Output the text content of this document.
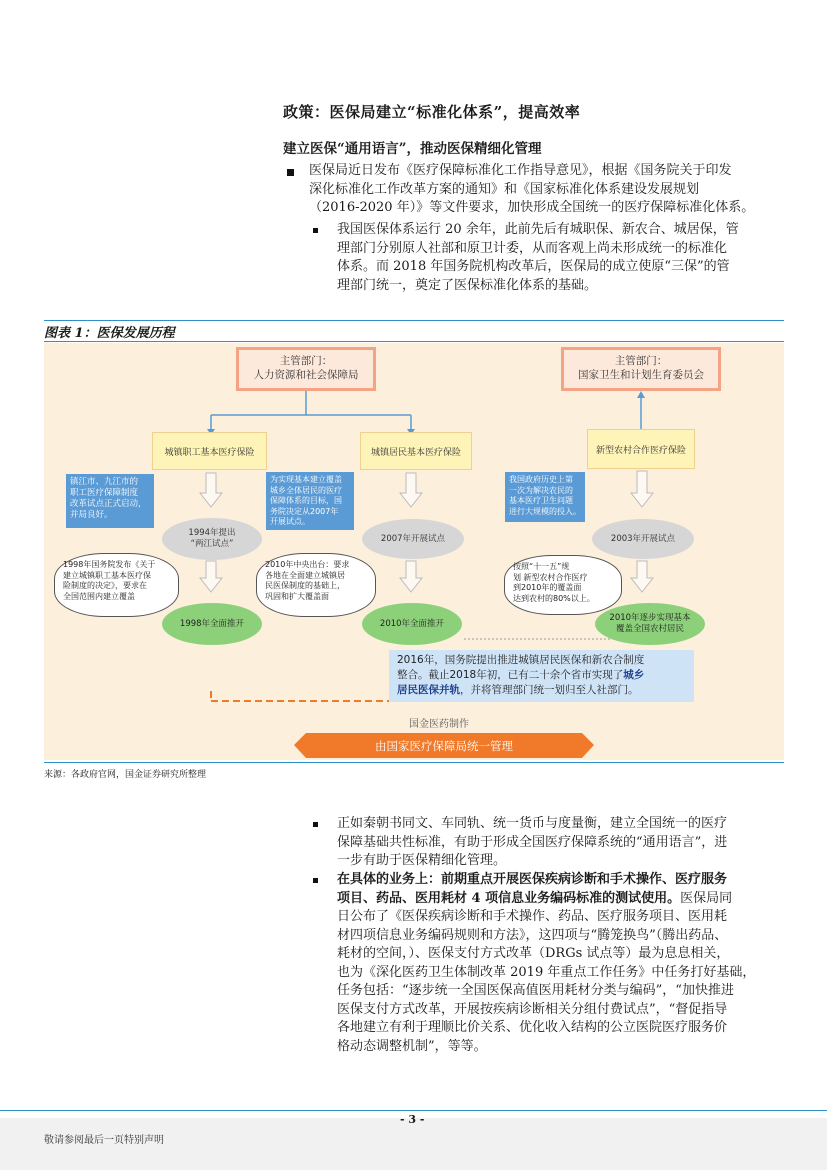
政策：医保局建立“标准化体系”，提高效率
建立医保“通用语言”，推动医保精细化管理
医保局近日发布《医疗保障标准化工作指导意见》，根据《国务院关于印发
深化标准化工作改革方案的通知》和《国家标准化体系建设发展规划
（2016-2020 年）》等文件要求，加快形成全国统一的医疗保障标准化体系。
我国医保体系运行 20 余年，此前先后有城职保、新农合、城居保，管
理部门分别原人社部和原卫计委，从而客观上尚未形成统一的标准化
体系。而 2018 年国务院机构改革后，医保局的成立使原“三保”的管
理部门统一，奠定了医保标准化体系的基础。
图表 1：医保发展历程
主管部门：
人力资源和社会保障局
主管部门：
国家卫生和计划生育委员会
城镇职工基本医疗保险	城镇居民基本医疗保险	新型农村合作医疗保险
镇江市、九江市的
职工医疗保障制度
改革试点正式启动，
并局良好。
为实现基本建立覆盖
城乡全体居民的医疗
保障体系的目标，国
务院决定从2007年
开展试点。
我国政府历史上第
一次为解决农民的
基本医疗卫生问题
进行大规模的投入。
1994年提出
“两江试点”
2007年开展试点	2003年开展试点
1998年国务院发布《关于
建立城镇职工基本医疗保
险制度的决定》，要求在
全国范围内建立覆盖
2010年中央出台：要求
各地在全面建立城镇居
民医保制度的基础上，
巩固和扩大覆盖面
按照“十一五”规
划 新型农村合作医疗
到2010年的覆盖面
达到农村的80%以上。
1998年全面推开	2010年全面推开
2010年逐步实现基本
覆盖全国农村居民
2016年，国务院提出推进城镇居民医保和新农合制度
整合。截止2018年初，已有二十余个省市实现了城乡
居民医保并轨，并将管理部门统一划归至人社部门。
国金医药制作
由国家医疗保障局统一管理
来源：各政府官网，国金证券研究所整理
正如秦朝书同文、车同轨、统一货币与度量衡，建立全国统一的医疗
保障基础共性标准，有助于形成全国医疗保障系统的“通用语言”，进
一步有助于医保精细化管理。
在具体的业务上：前期重点开展医保疾病诊断和手术操作、医疗服务
项目、药品、医用耗材 4 项信息业务编码标准的测试使用。医保局同
日公布了《医保疾病诊断和手术操作、药品、医疗服务项目、医用耗
材四项信息业务编码规则和方法》，这四项与“腾笼换鸟”（腾出药品、
耗材的空间，）、医保支付方式改革（DRGs 试点等）最为息息相关，
也为《深化医药卫生体制改革 2019 年重点工作任务》中任务打好基础，
任务包括：“逐步统一全国医保高值医用耗材分类与编码”，“加快推进
医保支付方式改革，开展按疾病诊断相关分组付费试点”，“督促指导
各地建立有利于理顺比价关系、优化收入结构的公立医院医疗服务价
格动态调整机制”，等等。
- 3 -
敬请参阅最后一页特别声明
